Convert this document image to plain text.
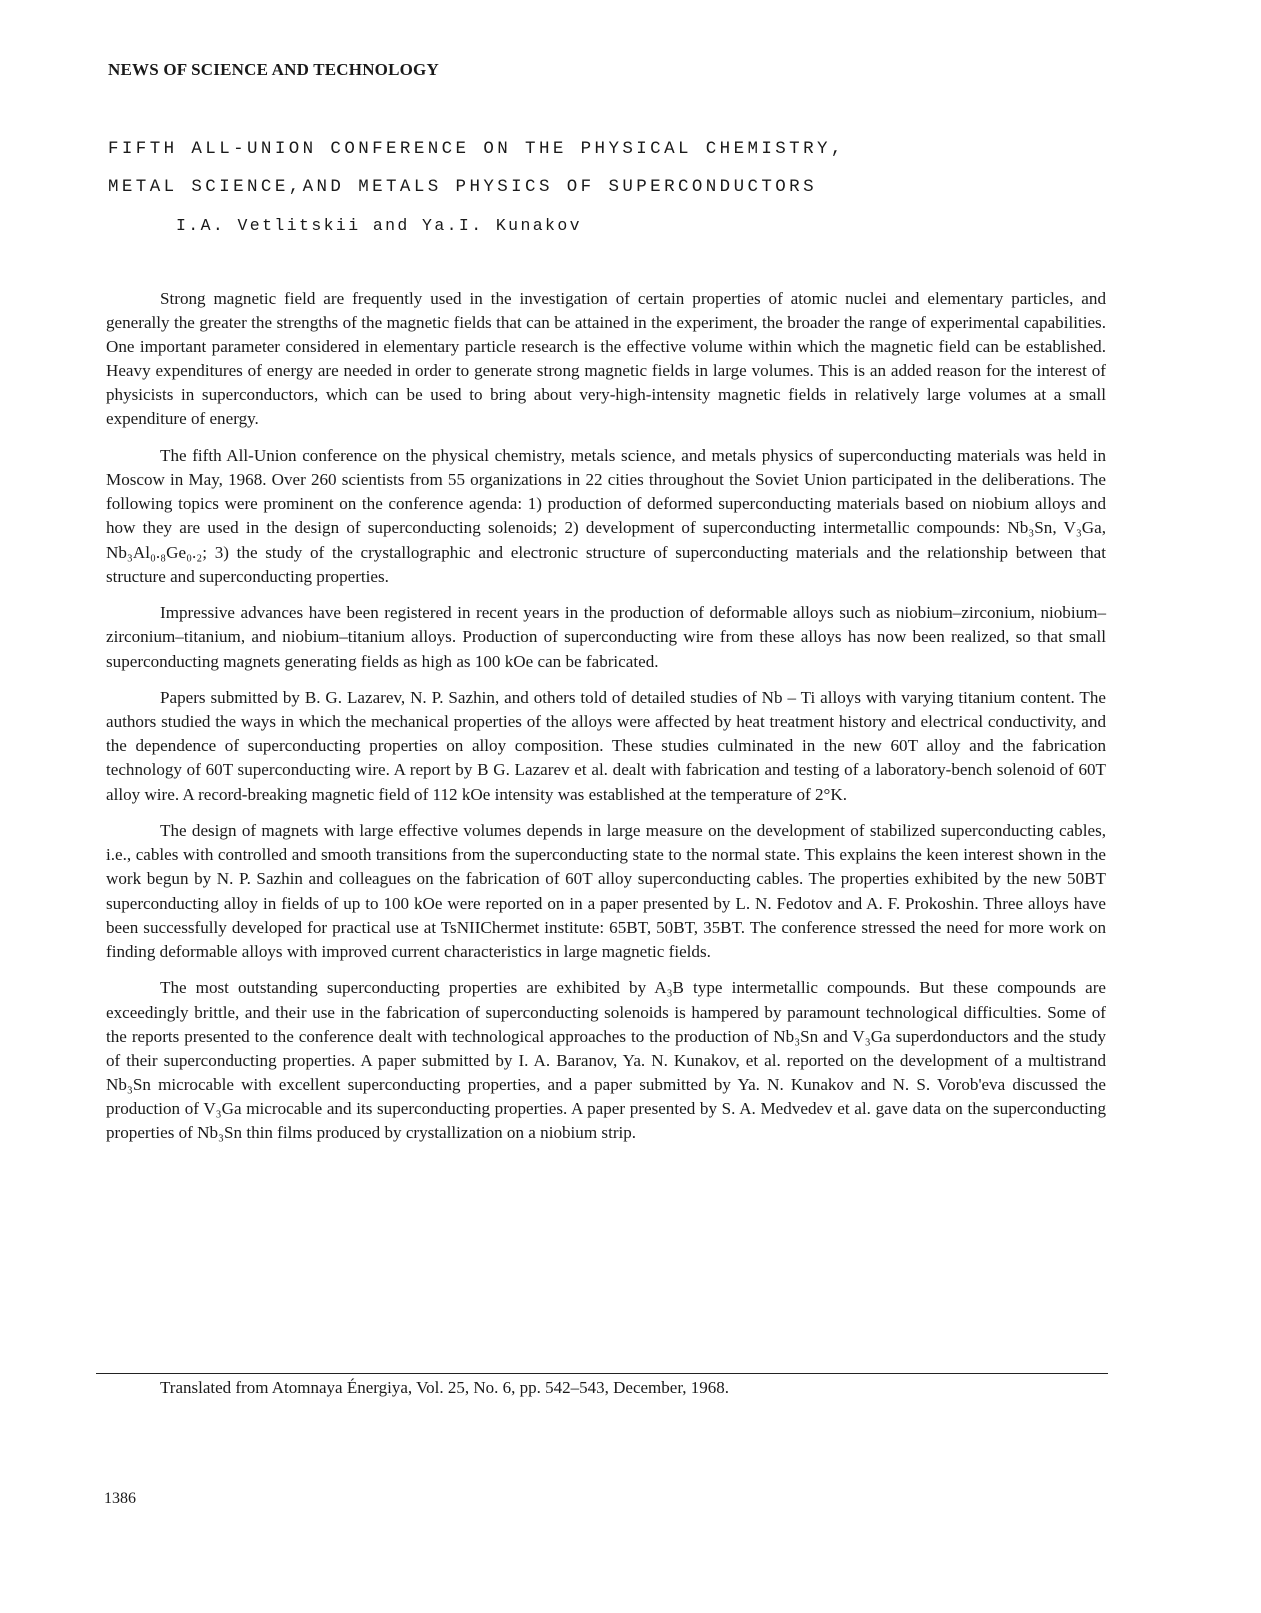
NEWS OF SCIENCE AND TECHNOLOGY
FIFTH ALL-UNION CONFERENCE ON THE PHYSICAL CHEMISTRY,
METAL SCIENCE,AND METALS PHYSICS OF SUPERCONDUCTORS
I.A. Vetlitskii and Ya.I. Kunakov

Strong magnetic field are frequently used in the investigation of certain properties of atomic nuclei and elementary particles, and generally the greater the strengths of the magnetic fields that can be attained in the experiment, the broader the range of experimental capabilities. One important parameter considered in elementary particle research is the effective volume within which the magnetic field can be established. Heavy expenditures of energy are needed in order to generate strong magnetic fields in large volumes. This is an added reason for the interest of physicists in superconductors, which can be used to bring about very-high-intensity magnetic fields in relatively large volumes at a small expenditure of energy.

The fifth All-Union conference on the physical chemistry, metals science, and metals physics of superconducting materials was held in Moscow in May, 1968. Over 260 scientists from 55 organizations in 22 cities throughout the Soviet Union participated in the deliberations. The following topics were prominent on the conference agenda: 1) production of deformed superconducting materials based on niobium alloys and how they are used in the design of superconducting solenoids; 2) development of superconducting intermetallic compounds: Nb₃Sn, V₃Ga, Nb₃Al₀.₈Ge₀.₂; 3) the study of the crystallographic and electronic structure of superconducting materials and the relationship between that structure and superconducting properties.

Impressive advances have been registered in recent years in the production of deformable alloys such as niobium–zirconium, niobium–zirconium–titanium, and niobium–titanium alloys. Production of superconducting wire from these alloys has now been realized, so that small superconducting magnets generating fields as high as 100 kOe can be fabricated.

Papers submitted by B. G. Lazarev, N. P. Sazhin, and others told of detailed studies of Nb – Ti alloys with varying titanium content. The authors studied the ways in which the mechanical properties of the alloys were affected by heat treatment history and electrical conductivity, and the dependence of superconducting properties on alloy composition. These studies culminated in the new 60T alloy and the fabrication technology of 60T superconducting wire. A report by B G. Lazarev et al. dealt with fabrication and testing of a laboratory-bench solenoid of 60T alloy wire. A record-breaking magnetic field of 112 kOe intensity was established at the temperature of 2°K.

The design of magnets with large effective volumes depends in large measure on the development of stabilized superconducting cables, i.e., cables with controlled and smooth transitions from the superconducting state to the normal state. This explains the keen interest shown in the work begun by N. P. Sazhin and colleagues on the fabrication of 60T alloy superconducting cables. The properties exhibited by the new 50BT superconducting alloy in fields of up to 100 kOe were reported on in a paper presented by L. N. Fedotov and A. F. Prokoshin. Three alloys have been successfully developed for practical use at TsNIIChermet institute: 65BT, 50BT, 35BT. The conference stressed the need for more work on finding deformable alloys with improved current characteristics in large magnetic fields.

The most outstanding superconducting properties are exhibited by A₃B type intermetallic compounds. But these compounds are exceedingly brittle, and their use in the fabrication of superconducting solenoids is hampered by paramount technological difficulties. Some of the reports presented to the conference dealt with technological approaches to the production of Nb₃Sn and V₃Ga superdonductors and the study of their superconducting properties. A paper submitted by I. A. Baranov, Ya. N. Kunakov, et al. reported on the development of a multistrand Nb₃Sn microcable with excellent superconducting properties, and a paper submitted by Ya. N. Kunakov and N. S. Vorob'eva discussed the production of V₃Ga microcable and its superconducting properties. A paper presented by S. A. Medvedev et al. gave data on the superconducting properties of Nb₃Sn thin films produced by crystallization on a niobium strip.

Translated from Atomnaya Énergiya, Vol. 25, No. 6, pp. 542–543, December, 1968.
1386
